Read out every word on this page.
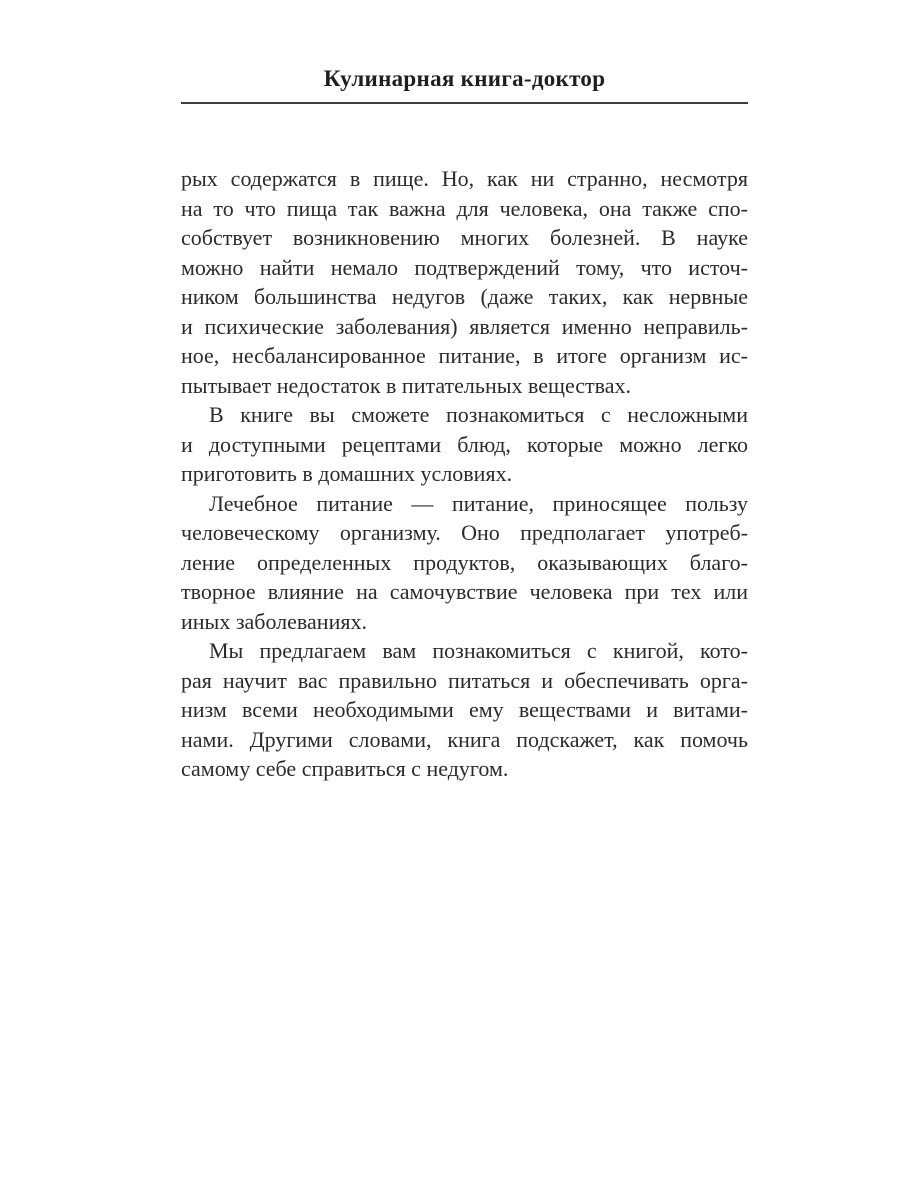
Кулинарная книга-доктор
рых содержатся в пище. Но, как ни странно, несмотря
на то что пища так важна для человека, она также спо-
собствует возникновению многих болезней. В науке
можно найти немало подтверждений тому, что источ-
ником большинства недугов (даже таких, как нервные
и психические заболевания) является именно неправиль-
ное, несбалансированное питание, в итоге организм ис-
пытывает недостаток в питательных веществах.
В книге вы сможете познакомиться с несложными
и доступными рецептами блюд, которые можно легко
приготовить в домашних условиях.
Лечебное питание — питание, приносящее пользу
человеческому организму. Оно предполагает употреб-
ление определенных продуктов, оказывающих благо-
творное влияние на самочувствие человека при тех или
иных заболеваниях.
Мы предлагаем вам познакомиться с книгой, кото-
рая научит вас правильно питаться и обеспечивать орга-
низм всеми необходимыми ему веществами и витами-
нами. Другими словами, книга подскажет, как помочь
самому себе справиться с недугом.
